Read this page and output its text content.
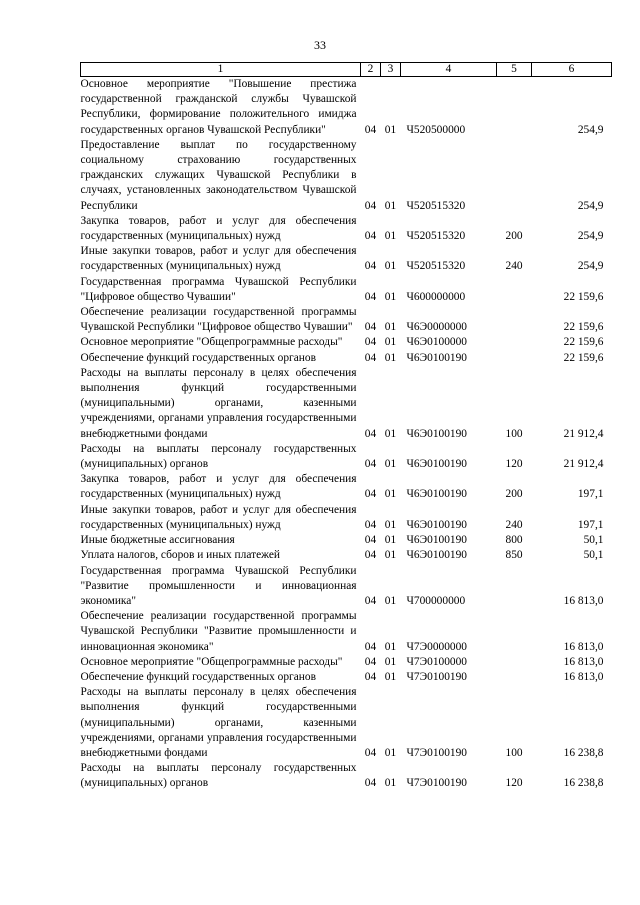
33
1	2	3	4	5	6
Основное мероприятие "Повышение престижа государственной гражданской службы Чувашской Республики, формирование положительного имиджа государственных органов Чувашской Республики"	04	01	Ч520500000		254,9
Предоставление выплат по государственному социальному страхованию государственных гражданских служащих Чувашской Республики в случаях, установленных законодательством Чувашской Республики	04	01	Ч520515320		254,9
Закупка товаров, работ и услуг для обеспечения государственных (муниципальных) нужд	04	01	Ч520515320	200	254,9
Иные закупки товаров, работ и услуг для обеспечения государственных (муниципальных) нужд	04	01	Ч520515320	240	254,9
Государственная программа Чувашской Республики "Цифровое общество Чувашии"	04	01	Ч600000000		22 159,6
Обеспечение реализации государственной программы Чувашской Республики "Цифровое общество Чувашии"	04	01	Ч6Э0000000		22 159,6
Основное мероприятие "Общепрограммные расходы"	04	01	Ч6Э0100000		22 159,6
Обеспечение функций государственных органов	04	01	Ч6Э0100190		22 159,6
Расходы на выплаты персоналу в целях обеспечения выполнения функций государственными (муниципальными) органами, казенными учреждениями, органами управления государственными внебюджетными фондами	04	01	Ч6Э0100190	100	21 912,4
Расходы на выплаты персоналу государственных (муниципальных) органов	04	01	Ч6Э0100190	120	21 912,4
Закупка товаров, работ и услуг для обеспечения государственных (муниципальных) нужд	04	01	Ч6Э0100190	200	197,1
Иные закупки товаров, работ и услуг для обеспечения государственных (муниципальных) нужд	04	01	Ч6Э0100190	240	197,1
Иные бюджетные ассигнования	04	01	Ч6Э0100190	800	50,1
Уплата налогов, сборов и иных платежей	04	01	Ч6Э0100190	850	50,1
Государственная программа Чувашской Республики "Развитие промышленности и инновационная экономика"	04	01	Ч700000000		16 813,0
Обеспечение реализации государственной программы Чувашской Республики "Развитие промышленности и инновационная экономика"	04	01	Ч7Э0000000		16 813,0
Основное мероприятие "Общепрограммные расходы"	04	01	Ч7Э0100000		16 813,0
Обеспечение функций государственных органов	04	01	Ч7Э0100190		16 813,0
Расходы на выплаты персоналу в целях обеспечения выполнения функций государственными (муниципальными) органами, казенными учреждениями, органами управления государственными внебюджетными фондами	04	01	Ч7Э0100190	100	16 238,8
Расходы на выплаты персоналу государственных (муниципальных) органов	04	01	Ч7Э0100190	120	16 238,8
